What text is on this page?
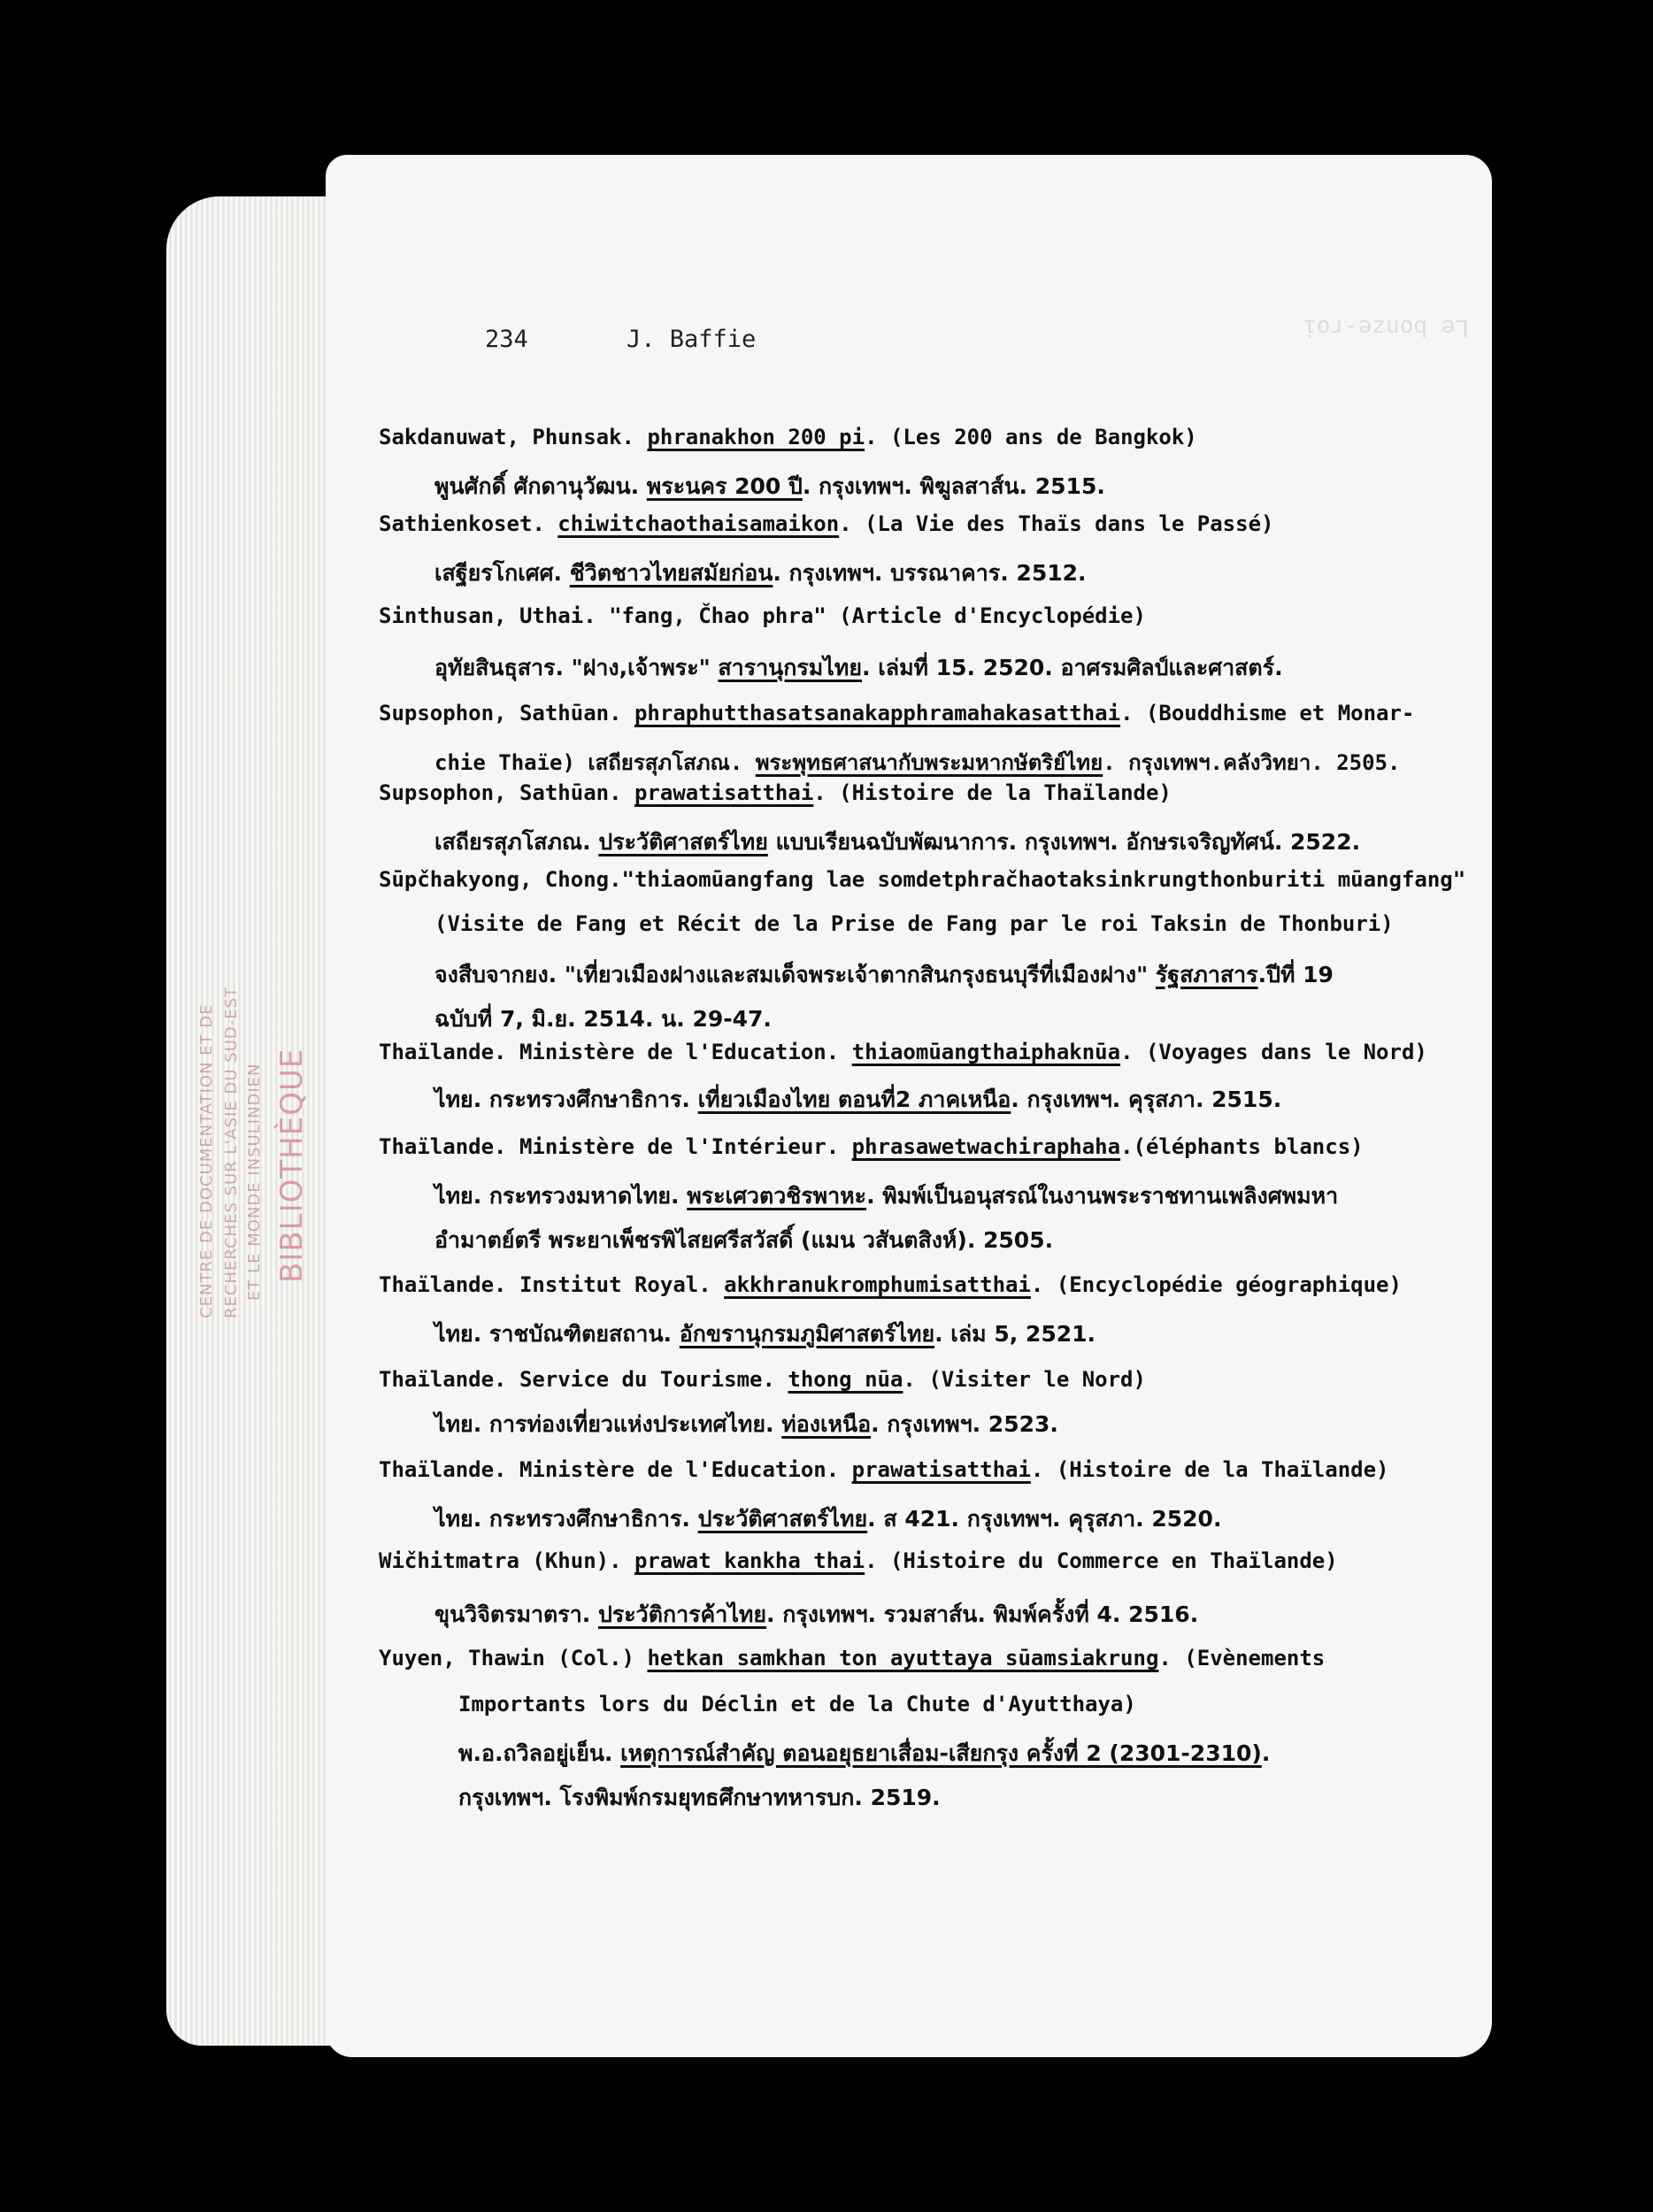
Le bonze-roi
CENTRE DE DOCUMENTATION ET DE RECHERCHES SUR L'ASIE DU SUD-EST ET LE MONDE INSULINDIEN BIBLIOTHÈQUE
234	J. Baffie
Sakdanuwat, Phunsak. phranakhon 200 pi. (Les 200 ans de Bangkok)
พูนศักดิ์ ศักดานุวัฒน. พระนคร 200 ปี. กรุงเทพฯ. พิฆูลสาส์น. 2515.
Sathienkoset. chiwitchaothaisamaikon. (La Vie des Thaïs dans le Passé)
เสฐียรโกเศศ. ชีวิตชาวไทยสมัยก่อน. กรุงเทพฯ. บรรณาคาร. 2512.
Sinthusan, Uthai. "fang, Čhao phra" (Article d'Encyclopédie)
อุทัยสินธุสาร. "ฝาง,เจ้าพระ" สารานุกรมไทย. เล่มที่ 15. 2520. อาศรมศิลป์และศาสตร์.
Supsophon, Sathūan. phraphutthasatsanakapphramahakasatthai. (Bouddhisme et Monar-
chie Thaïe) เสถียรสุภโสภณ. พระพุทธศาสนากับพระมหากษัตริย์ไทย. กรุงเทพฯ.คลังวิทยา. 2505.
Supsophon, Sathūan. prawatisatthai. (Histoire de la Thaïlande)
เสถียรสุภโสภณ. ประวัติศาสตร์ไทย แบบเรียนฉบับพัฒนาการ. กรุงเทพฯ. อักษรเจริญทัศน์. 2522.
Sūpčhakyong, Chong."thiaomūangfang lae somdetphračhaotaksinkrungthonburiti mūangfang"
(Visite de Fang et Récit de la Prise de Fang par le roi Taksin de Thonburi)
จงสืบจากยง. "เที่ยวเมืองฝางและสมเด็จพระเจ้าตากสินกรุงธนบุรีที่เมืองฝาง" รัฐสภาสาร.ปีที่ 19
ฉบับที่ 7, มิ.ย. 2514. น. 29-47.
Thaïlande. Ministère de l'Education. thiaomūangthaiphaknūa. (Voyages dans le Nord)
ไทย. กระทรวงศึกษาธิการ. เที่ยวเมืองไทย ตอนที่2 ภาคเหนือ. กรุงเทพฯ. คุรุสภา. 2515.
Thaïlande. Ministère de l'Intérieur. phrasawetwachiraphaha.(éléphants blancs)
ไทย. กระทรวงมหาดไทย. พระเศวตวชิรพาหะ. พิมพ์เป็นอนุสรณ์ในงานพระราชทานเพลิงศพมหา
อำมาตย์ตรี พระยาเพ็ชรพิไสยศรีสวัสดิ์ (แมน วสันตสิงห์). 2505.
Thaïlande. Institut Royal. akkhranukromphumisatthai. (Encyclopédie géographique)
ไทย. ราชบัณฑิตยสถาน. อักขรานุกรมภูมิศาสตร์ไทย. เล่ม 5, 2521.
Thaïlande. Service du Tourisme. thong nūa. (Visiter le Nord)
ไทย. การท่องเที่ยวแห่งประเทศไทย. ท่องเหนือ. กรุงเทพฯ. 2523.
Thaïlande. Ministère de l'Education. prawatisatthai. (Histoire de la Thaïlande)
ไทย. กระทรวงศึกษาธิการ. ประวัติศาสตร์ไทย. ส 421. กรุงเทพฯ. คุรุสภา. 2520.
Wičhitmatra (Khun). prawat kankha thai. (Histoire du Commerce en Thaïlande)
ขุนวิจิตรมาตรา. ประวัติการค้าไทย. กรุงเทพฯ. รวมสาส์น. พิมพ์ครั้งที่ 4. 2516.
Yuyen, Thawin (Col.) hetkan samkhan ton ayuttaya sūamsiakrung. (Evènements
Importants lors du Déclin et de la Chute d'Ayutthaya)
พ.อ.ถวิลอยู่เย็น. เหตุการณ์สำคัญ ตอนอยุธยาเสื่อม-เสียกรุง ครั้งที่ 2 (2301-2310).
กรุงเทพฯ. โรงพิมพ์กรมยุทธศึกษาทหารบก. 2519.
